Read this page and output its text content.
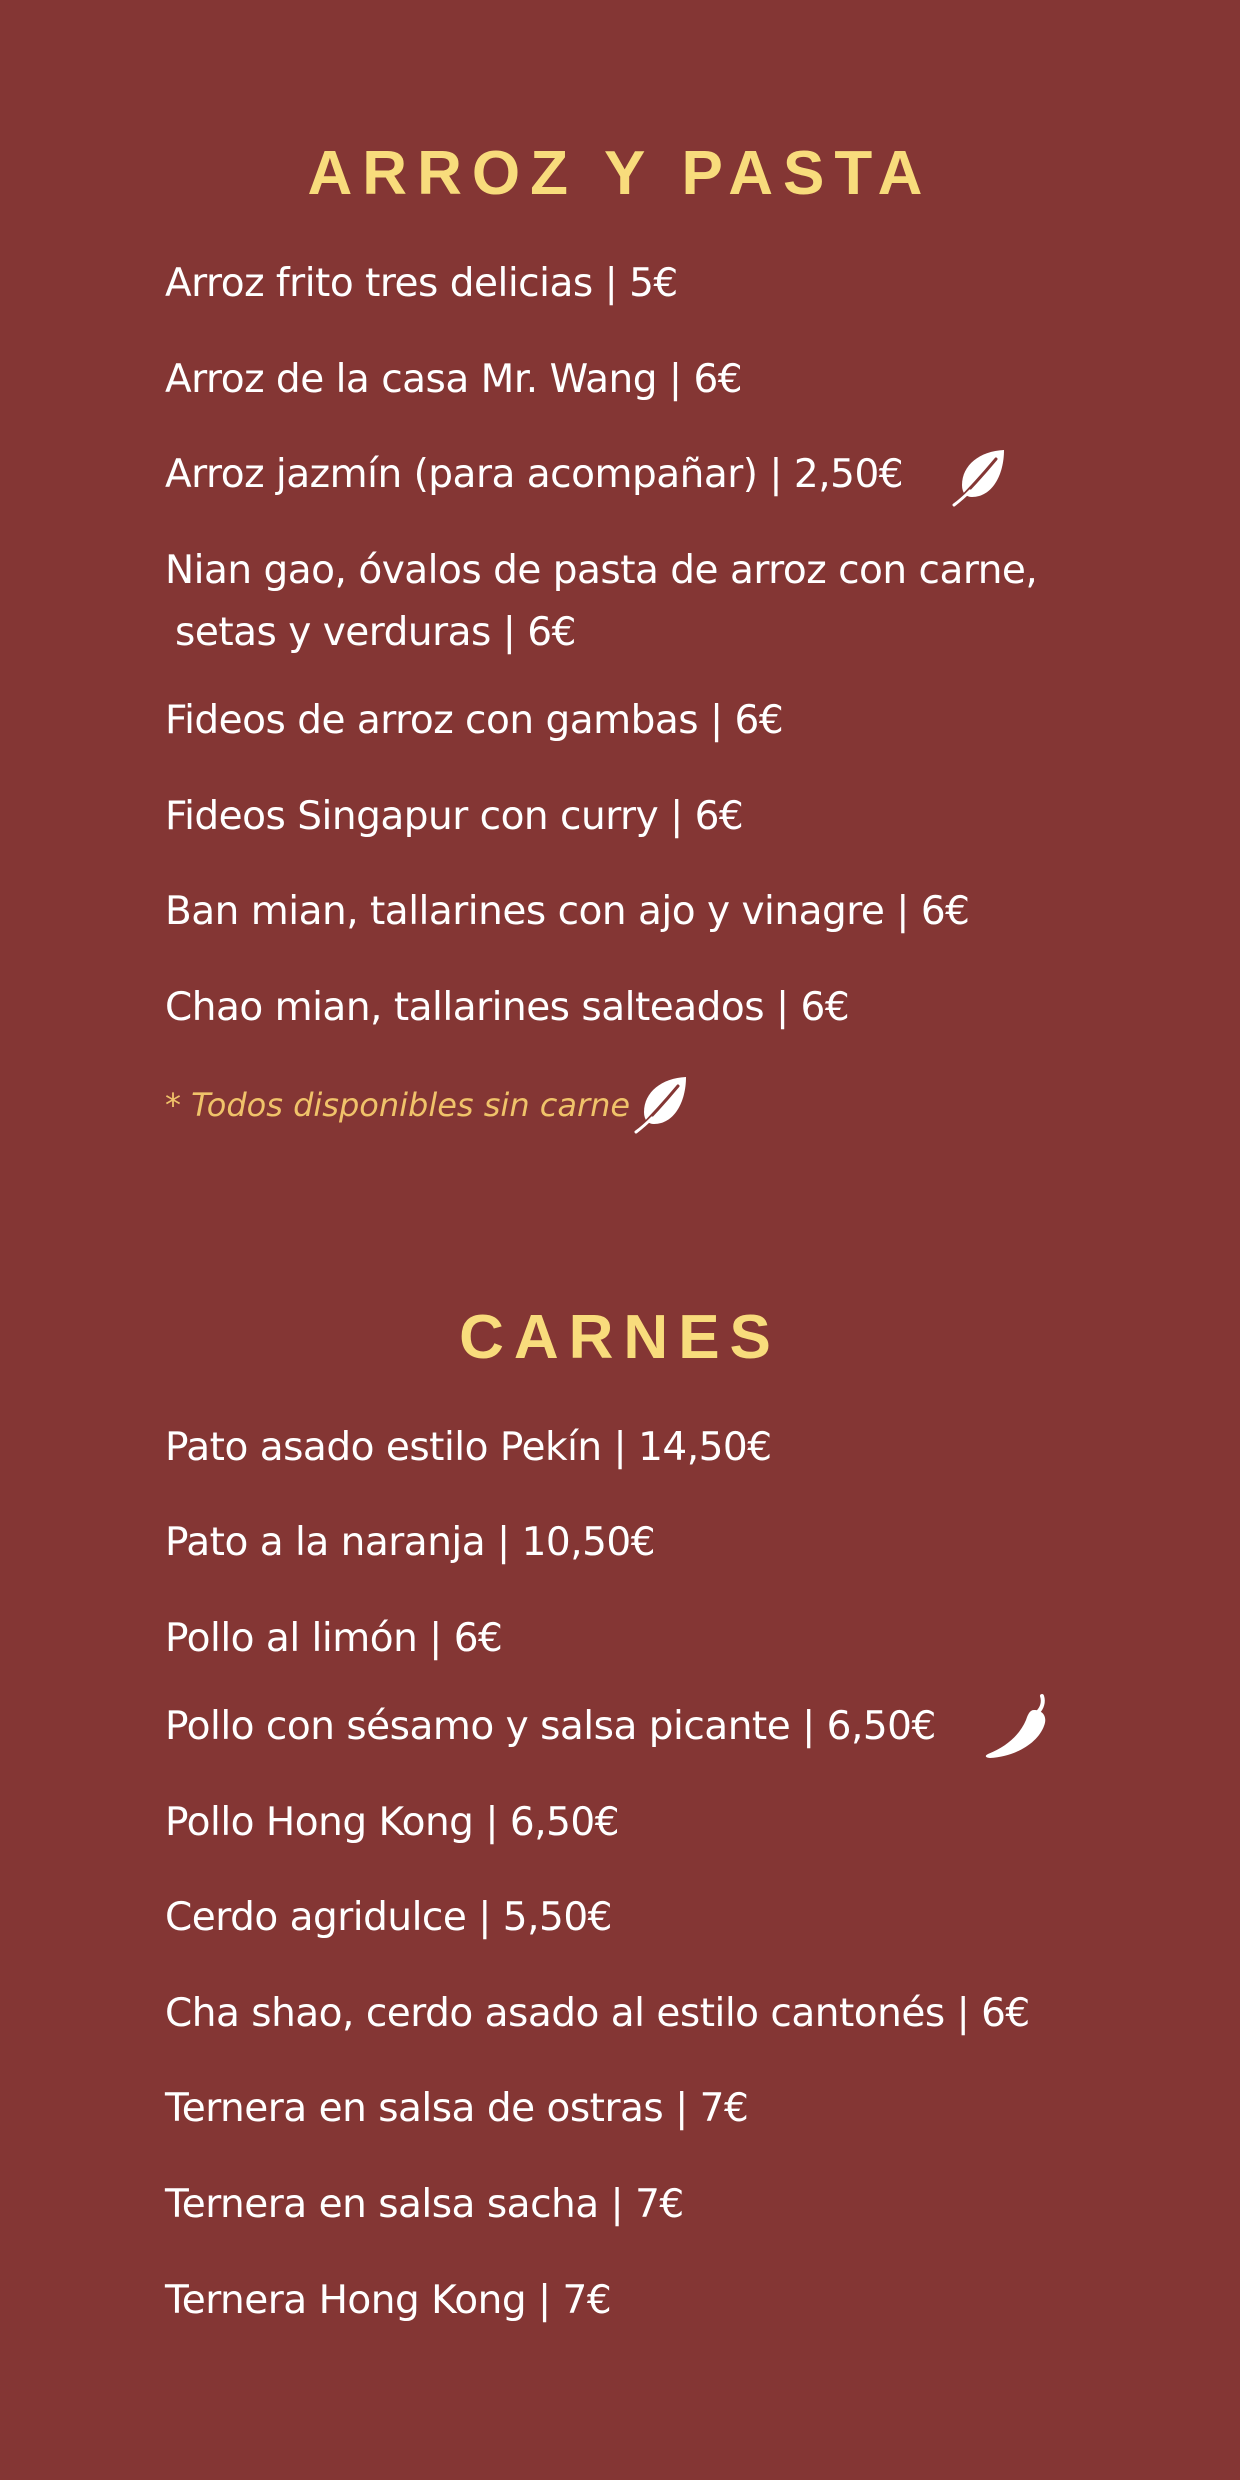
ARROZ Y PASTA
Arroz frito tres delicias | 5€
Arroz de la casa Mr. Wang | 6€
Arroz jazmín (para acompañar) | 2,50€
Nian gao, óvalos de pasta de arroz con carne,
setas y verduras | 6€
Fideos de arroz con gambas | 6€
Fideos Singapur con curry | 6€
Ban mian, tallarines con ajo y vinagre | 6€
Chao mian, tallarines salteados | 6€
* Todos disponibles sin carne
CARNES
Pato asado estilo Pekín | 14,50€
Pato a la naranja | 10,50€
Pollo al limón | 6€
Pollo con sésamo y salsa picante | 6,50€
Pollo Hong Kong | 6,50€
Cerdo agridulce | 5,50€
Cha shao, cerdo asado al estilo cantonés | 6€
Ternera en salsa de ostras | 7€
Ternera en salsa sacha | 7€
Ternera Hong Kong | 7€
